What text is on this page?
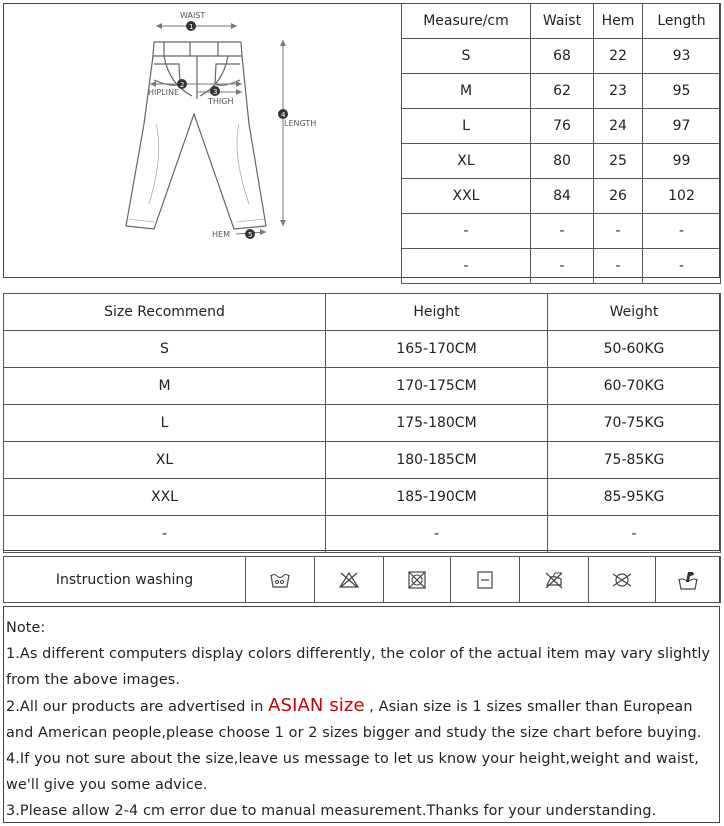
WAIST
1
2
HIPLINE	3
THIGH
4
LENGTH
5
HEM
Measure/cm	Waist	Hem	Length
S	68	22	93
M	62	23	95
L	76	24	97
XL	80	25	99
XXL	84	26	102
-	-	-	-
-	-	-	-
Size Recommend	Height	Weight
S	165-170CM	50-60KG
M	170-175CM	60-70KG
L	175-180CM	70-75KG
XL	180-185CM	75-85KG
XXL	185-190CM	85-95KG
-	-	-
Instruction washing							

Note:

1.As different computers display colors differently, the color of the actual item may vary slightly from the above images.

2.All our products are advertised in ASIAN size , Asian size is 1 sizes smaller than European and American people,please choose 1 or 2 sizes bigger and study the size chart before buying.

4.If you not sure about the size,leave us message to let us know your height,weight and waist,

we'll give you some advice.

3.Please allow 2-4 cm error due to manual measurement.Thanks for your understanding.
